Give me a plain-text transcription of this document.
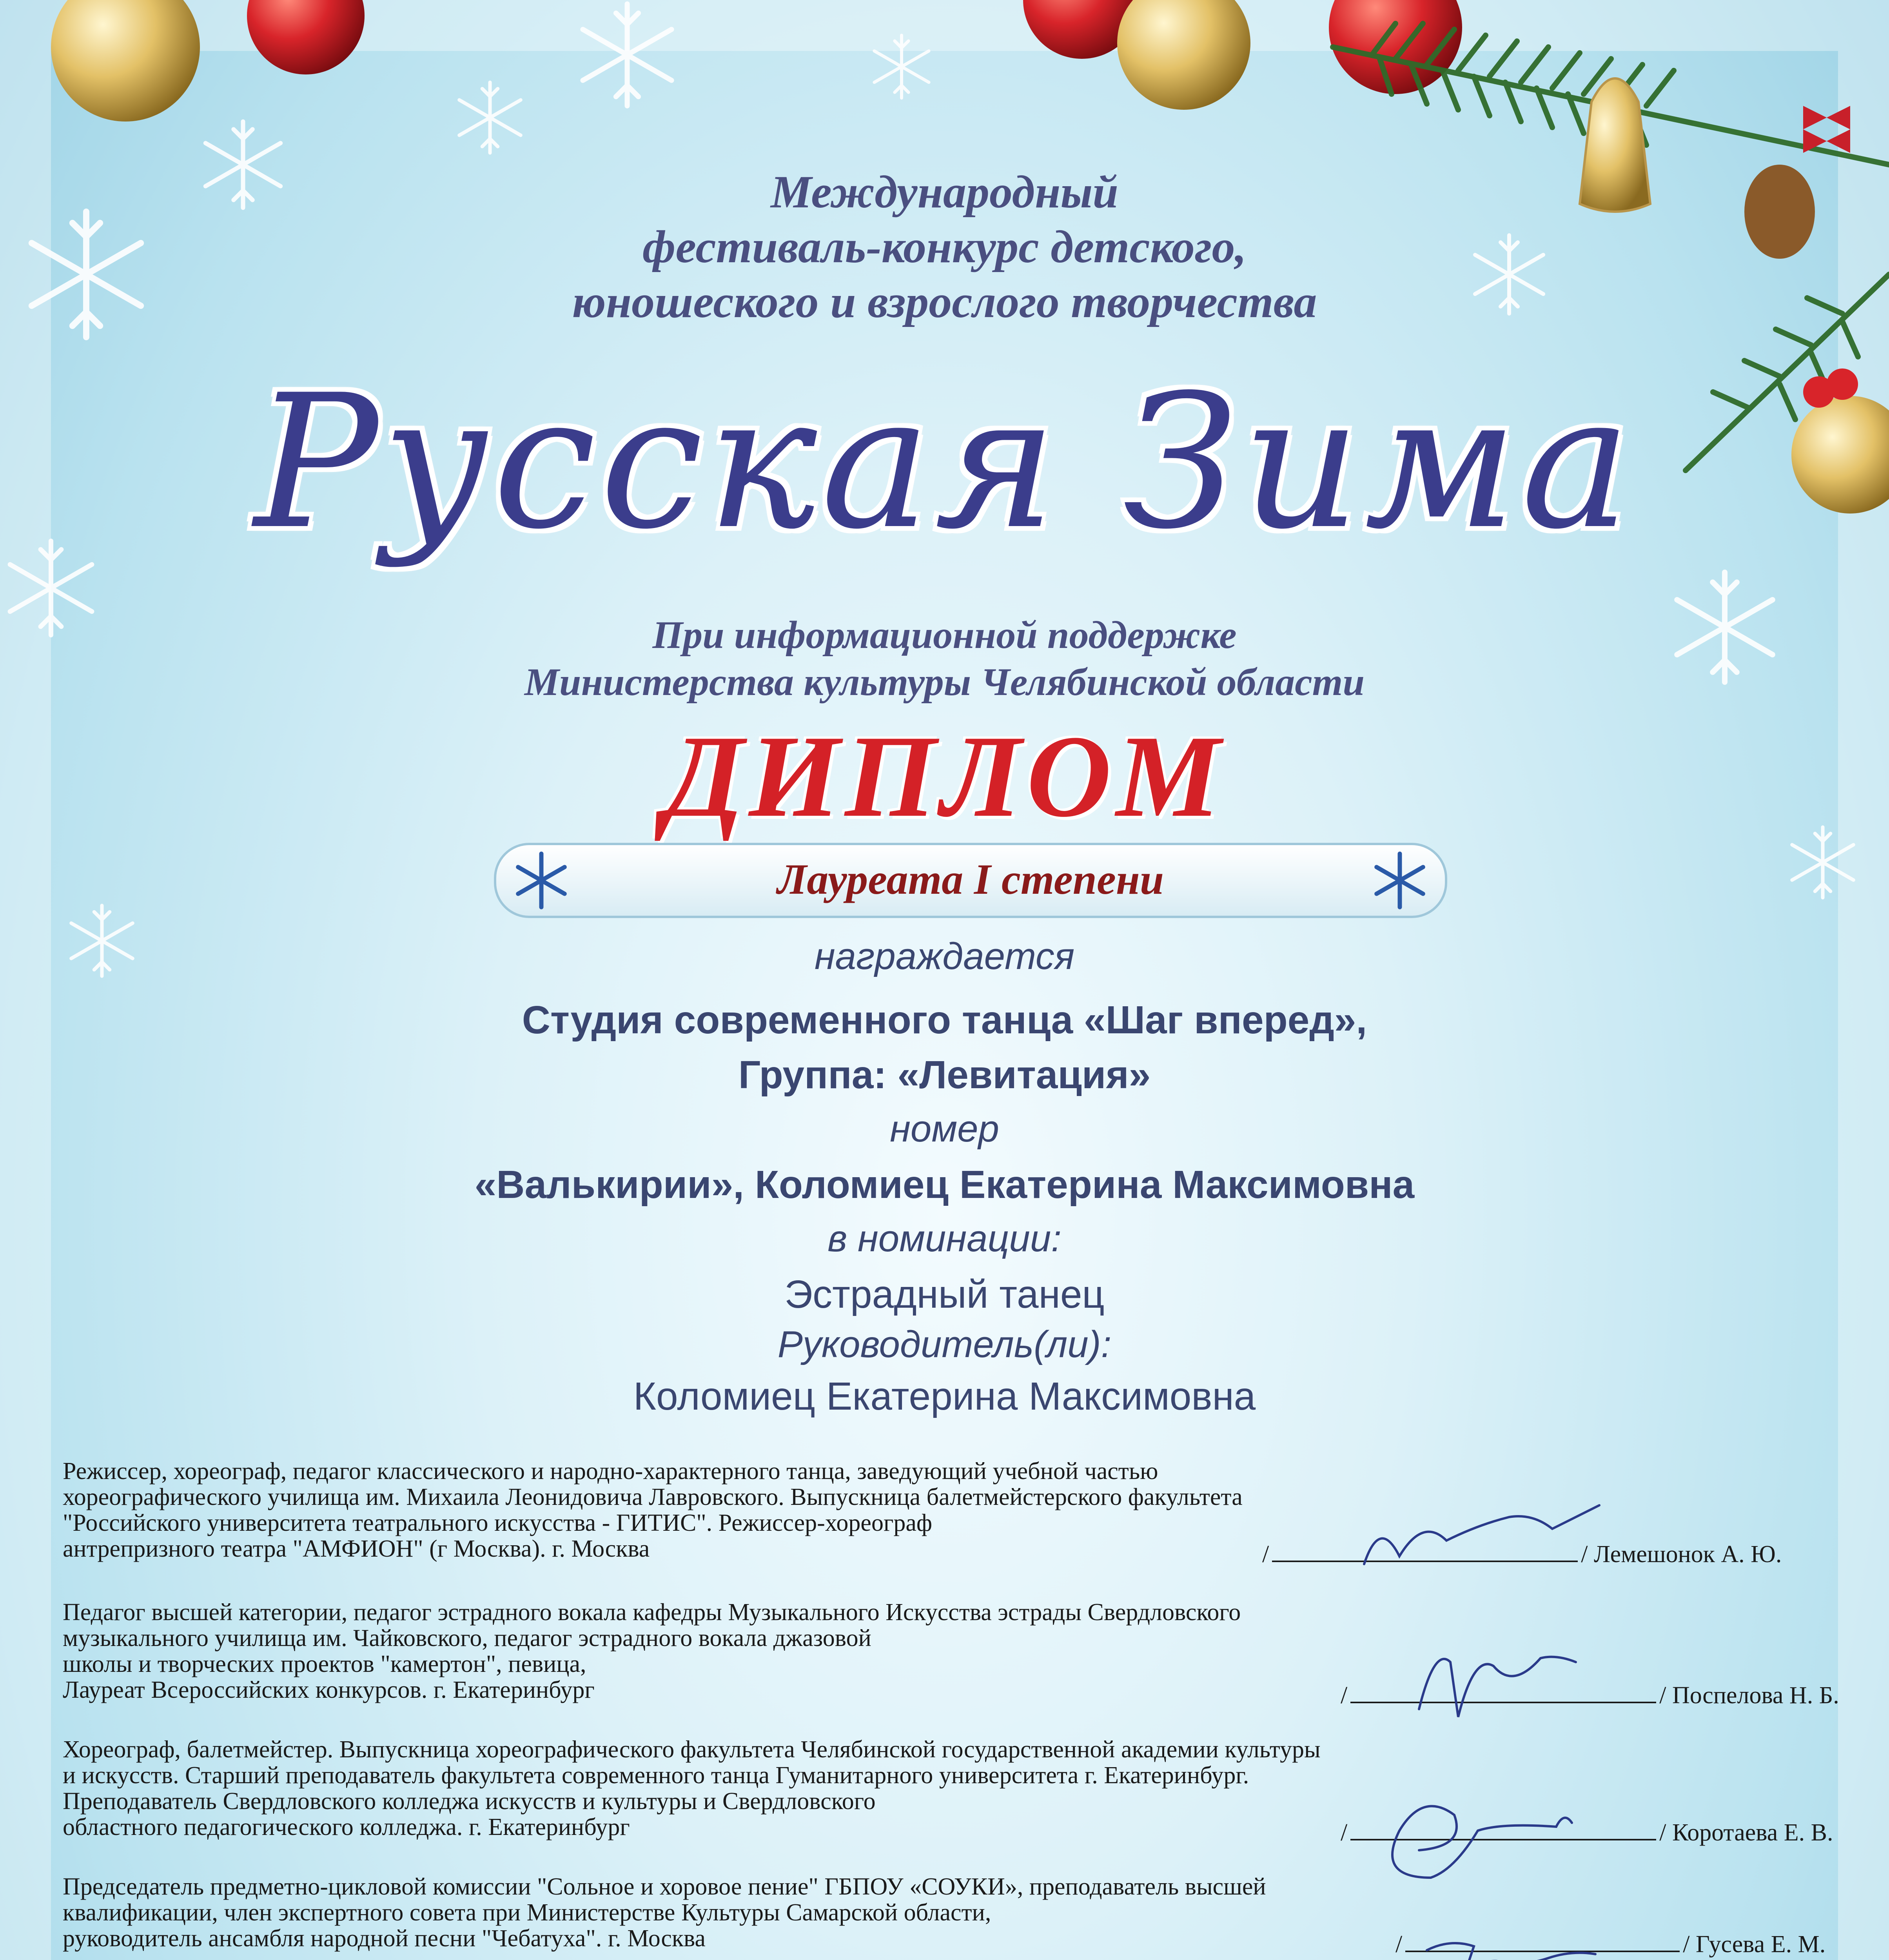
Международный
фестиваль-конкурс детского,
юношеского и взрослого творчества
Русская Зима
При информационной поддержке
Министерства культуры Челябинской области
ДИПЛОМ
Лауреата I степени
награждается
Студия современного танца «Шаг вперед»,
Группа: «Левитация»
номер
«Валькирии», Коломиец Екатерина Максимовна
в номинации:
Эстрадный танец
Руководитель(ли):
Коломиец Екатерина Максимовна
Режиссер, хореограф, педагог классического и народно-характерного танца, заведующий учебной частью
хореографического училища им. Михаила Леонидовича Лавровского. Выпускница балетмейстерского факультета
"Российского университета театрального искусства - ГИТИС". Режиссер-хореограф
антрепризного театра "АМФИОН" (г Москва). г. Москва	/	/ Лемешонок А. Ю.
Педагог высшей категории, педагог эстрадного вокала кафедры Музыкального Искусства эстрады Свердловского
музыкального училища им. Чайковского, педагог эстрадного вокала джазовой
школы и творческих проектов "камертон", певица,
Лауреат Всероссийских конкурсов. г. Екатеринбург	/	/ Поспелова Н. Б.
Хореограф, балетмейстер. Выпускница хореографического факультета Челябинской государственной академии культуры
и искусств. Старший преподаватель факультета современного танца Гуманитарного университета г. Екатеринбург.
Преподаватель Свердловского колледжа искусств и культуры и Свердловского
областного педагогического колледжа. г. Екатеринбург	/	/ Коротаева Е. В.
Председатель предметно-цикловой комиссии "Сольное и хоровое пение" ГБПОУ «СОУКИ», преподаватель высшей
квалификации, член экспертного совета при Министерстве Культуры Самарской области,
руководитель ансамбля народной песни "Чебатуха". г. Москва	/	/ Гусева Е. М.
